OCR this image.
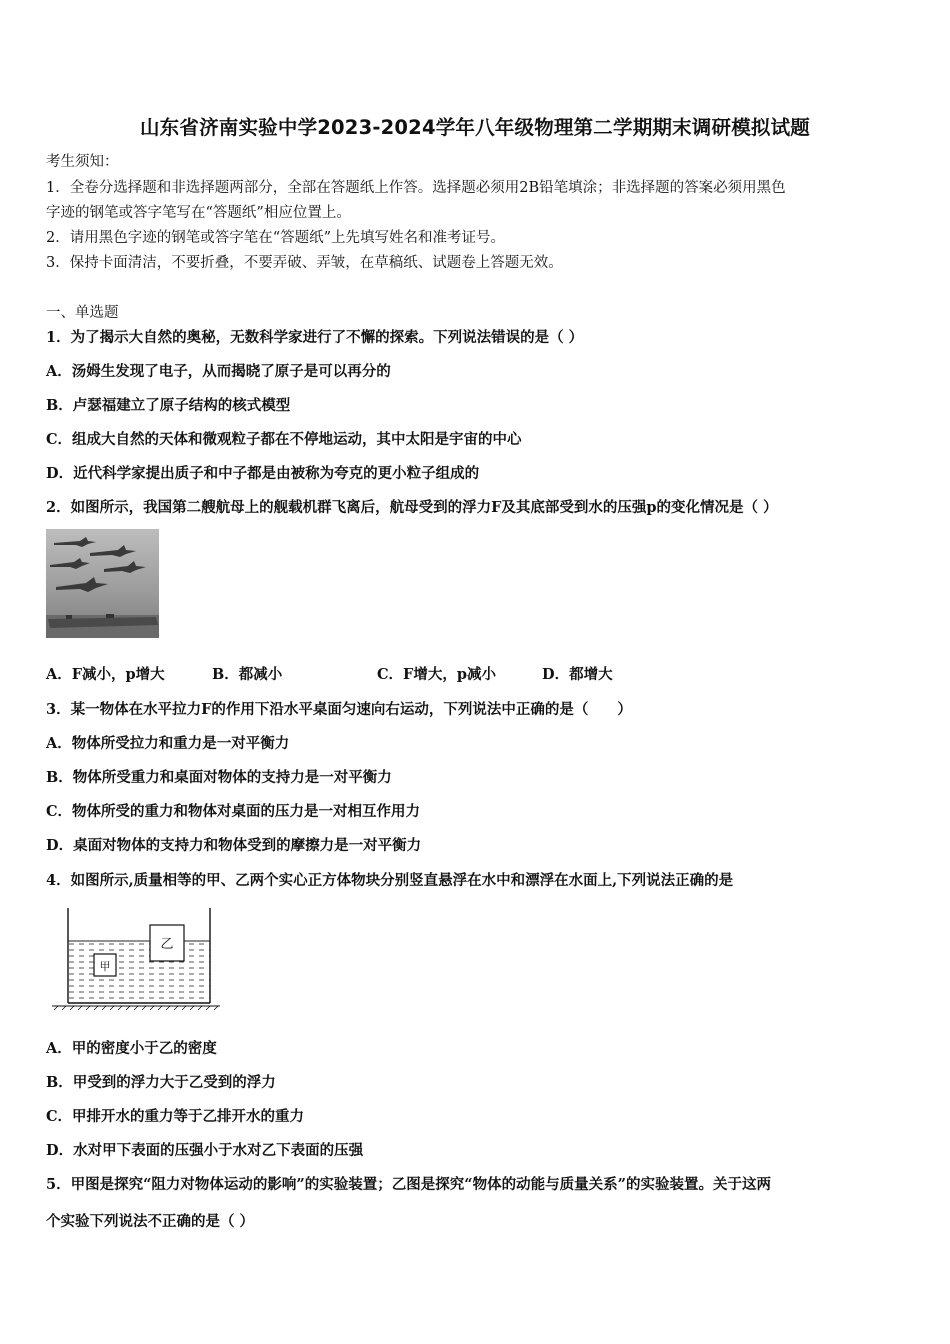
山东省济南实验中学2023-2024学年八年级物理第二学期期末调研模拟试题
考生须知：
1．全卷分选择题和非选择题两部分，全部在答题纸上作答。选择题必须用2B铅笔填涂；非选择题的答案必须用黑色
字迹的钢笔或答字笔写在“答题纸”相应位置上。
2．请用黑色字迹的钢笔或答字笔在“答题纸”上先填写姓名和准考证号。
3．保持卡面清洁，不要折叠，不要弄破、弄皱，在草稿纸、试题卷上答题无效。
一、单选题
1．为了揭示大自然的奥秘，无数科学家进行了不懈的探索。下列说法错误的是（ ）
A．汤姆生发现了电子，从而揭晓了原子是可以再分的
B．卢瑟福建立了原子结构的核式模型
C．组成大自然的天体和微观粒子都在不停地运动，其中太阳是宇宙的中心
D．近代科学家提出质子和中子都是由被称为夸克的更小粒子组成的
2．如图所示，我国第二艘航母上的舰载机群飞离后，航母受到的浮力F及其底部受到水的压强p的变化情况是（ ）
A．F减小，p增大	B．都减小	C．F增大，p减小	D．都增大
3．某一物体在水平拉力F的作用下沿水平桌面匀速向右运动，下列说法中正确的是（　　）
A．物体所受拉力和重力是一对平衡力
B．物体所受重力和桌面对物体的支持力是一对平衡力
C．物体所受的重力和物体对桌面的压力是一对相互作用力
D．桌面对物体的支持力和物体受到的摩擦力是一对平衡力
4．如图所示,质量相等的甲、乙两个实心正方体物块分别竖直悬浮在水中和漂浮在水面上,下列说法正确的是
甲
乙
A．甲的密度小于乙的密度
B．甲受到的浮力大于乙受到的浮力
C．甲排开水的重力等于乙排开水的重力
D．水对甲下表面的压强小于水对乙下表面的压强
5．甲图是探究“阻力对物体运动的影响”的实验装置；乙图是探究“物体的动能与质量关系”的实验装置。关于这两
个实验下列说法不正确的是（ ）
